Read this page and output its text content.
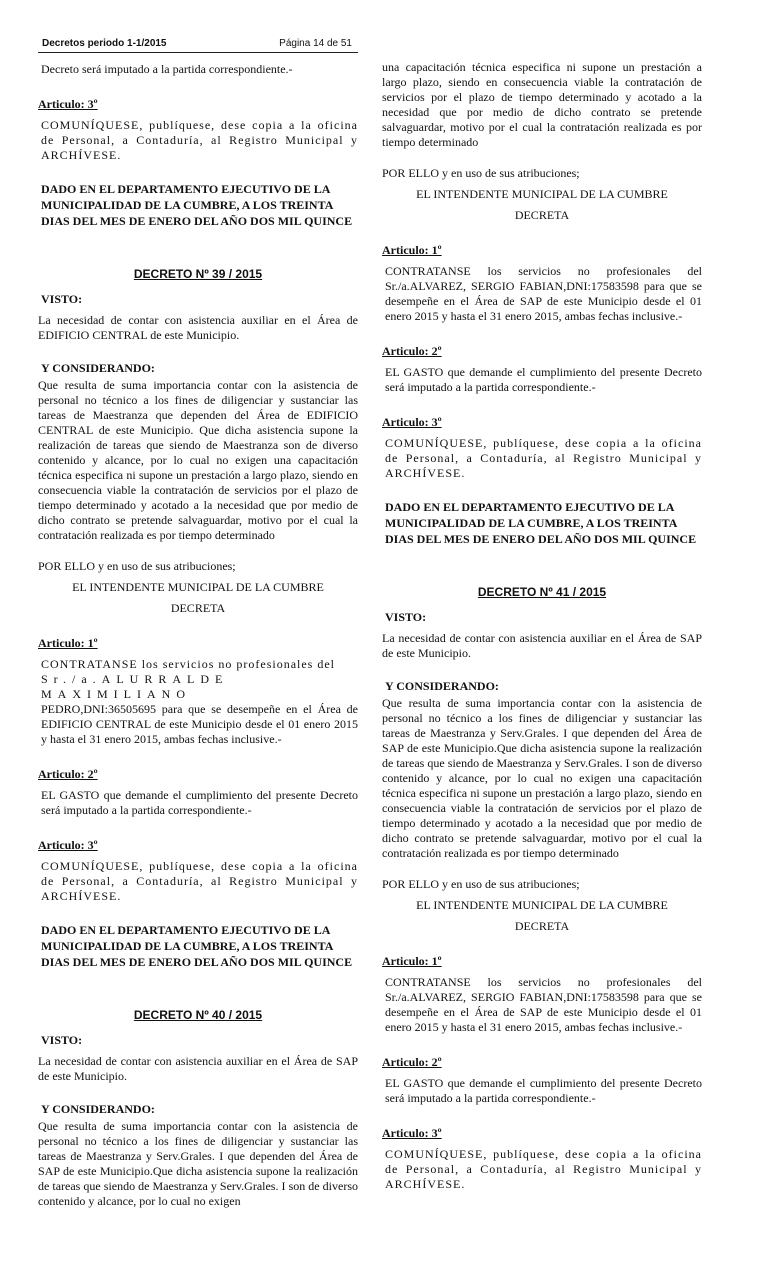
Decretos periodo 1-1/2015	Página 14 de 51

Decreto será imputado a la partida correspondiente.-

Articulo: 3º

COMUNÍQUESE, publíquese, dese copia a la oficina de Personal, a Contaduría, al Registro Municipal y ARCHÍVESE.

DADO EN EL DEPARTAMENTO EJECUTIVO DE LA MUNICIPALIDAD DE LA CUMBRE, A LOS TREINTA DIAS DEL MES DE ENERO DEL AÑO DOS MIL QUINCE

DECRETO Nº 39 / 2015

VISTO:

La necesidad de contar con asistencia auxiliar en el Área de EDIFICIO CENTRAL de este Municipio.

Y CONSIDERANDO:

Que resulta de suma importancia contar con la asistencia de personal no técnico a los fines de diligenciar y sustanciar las tareas de Maestranza que dependen del Área de EDIFICIO CENTRAL de este Municipio. Que dicha asistencia supone la realización de tareas que siendo de Maestranza son de diverso contenido y alcance, por lo cual no exigen una capacitación técnica especifica ni supone un prestación a largo plazo, siendo en consecuencia viable la contratación de servicios por el plazo de tiempo determinado y acotado a la necesidad que por medio de dicho contrato se pretende salvaguardar, motivo por el cual la contratación realizada es por tiempo determinado

POR ELLO y en uso de sus atribuciones;

EL INTENDENTE MUNICIPAL DE LA CUMBRE

DECRETA

Articulo: 1º

CONTRATANSE los servicios no profesionales del

Sr./a.ALURRALDE MAXIMILIANO

PEDRO,DNI:36505695 para que se desempeñe en el Área de EDIFICIO CENTRAL de este Municipio desde el 01 enero 2015 y hasta el 31 enero 2015, ambas fechas inclusive.-

Articulo: 2º

EL GASTO que demande el cumplimiento del presente Decreto será imputado a la partida correspondiente.-

Articulo: 3º

COMUNÍQUESE, publíquese, dese copia a la oficina de Personal, a Contaduría, al Registro Municipal y ARCHÍVESE.

DADO EN EL DEPARTAMENTO EJECUTIVO DE LA MUNICIPALIDAD DE LA CUMBRE, A LOS TREINTA DIAS DEL MES DE ENERO DEL AÑO DOS MIL QUINCE

DECRETO Nº 40 / 2015

VISTO:

La necesidad de contar con asistencia auxiliar en el Área de SAP de este Municipio.

Y CONSIDERANDO:

Que resulta de suma importancia contar con la asistencia de personal no técnico a los fines de diligenciar y sustanciar las tareas de Maestranza y Serv.Grales. I que dependen del Área de SAP de este Municipio.Que dicha asistencia supone la realización de tareas que siendo de Maestranza y Serv.Grales. I son de diverso contenido y alcance, por lo cual no exigen

una capacitación técnica especifica ni supone un prestación a largo plazo, siendo en consecuencia viable la contratación de servicios por el plazo de tiempo determinado y acotado a la necesidad que por medio de dicho contrato se pretende salvaguardar, motivo por el cual la contratación realizada es por tiempo determinado

POR ELLO y en uso de sus atribuciones;

EL INTENDENTE MUNICIPAL DE LA CUMBRE

DECRETA

Articulo: 1º

CONTRATANSE los servicios no profesionales del Sr./a.ALVAREZ, SERGIO FABIAN,DNI:17583598 para que se desempeñe en el Área de SAP de este Municipio desde el 01 enero 2015 y hasta el 31 enero 2015, ambas fechas inclusive.-

Articulo: 2º

EL GASTO que demande el cumplimiento del presente Decreto será imputado a la partida correspondiente.-

Articulo: 3º

COMUNÍQUESE, publíquese, dese copia a la oficina de Personal, a Contaduría, al Registro Municipal y ARCHÍVESE.

DADO EN EL DEPARTAMENTO EJECUTIVO DE LA MUNICIPALIDAD DE LA CUMBRE, A LOS TREINTA DIAS DEL MES DE ENERO DEL AÑO DOS MIL QUINCE

DECRETO Nº 41 / 2015

VISTO:

La necesidad de contar con asistencia auxiliar en el Área de SAP de este Municipio.

Y CONSIDERANDO:

Que resulta de suma importancia contar con la asistencia de personal no técnico a los fines de diligenciar y sustanciar las tareas de Maestranza y Serv.Grales. I que dependen del Área de SAP de este Municipio.Que dicha asistencia supone la realización de tareas que siendo de Maestranza y Serv.Grales. I son de diverso contenido y alcance, por lo cual no exigen una capacitación técnica especifica ni supone un prestación a largo plazo, siendo en consecuencia viable la contratación de servicios por el plazo de tiempo determinado y acotado a la necesidad que por medio de dicho contrato se pretende salvaguardar, motivo por el cual la contratación realizada es por tiempo determinado

POR ELLO y en uso de sus atribuciones;

EL INTENDENTE MUNICIPAL DE LA CUMBRE

DECRETA

Articulo: 1º

CONTRATANSE los servicios no profesionales del Sr./a.ALVAREZ, SERGIO FABIAN,DNI:17583598 para que se desempeñe en el Área de SAP de este Municipio desde el 01 enero 2015 y hasta el 31 enero 2015, ambas fechas inclusive.-

Articulo: 2º

EL GASTO que demande el cumplimiento del presente Decreto será imputado a la partida correspondiente.-

Articulo: 3º

COMUNÍQUESE, publíquese, dese copia a la oficina de Personal, a Contaduría, al Registro Municipal y ARCHÍVESE.
